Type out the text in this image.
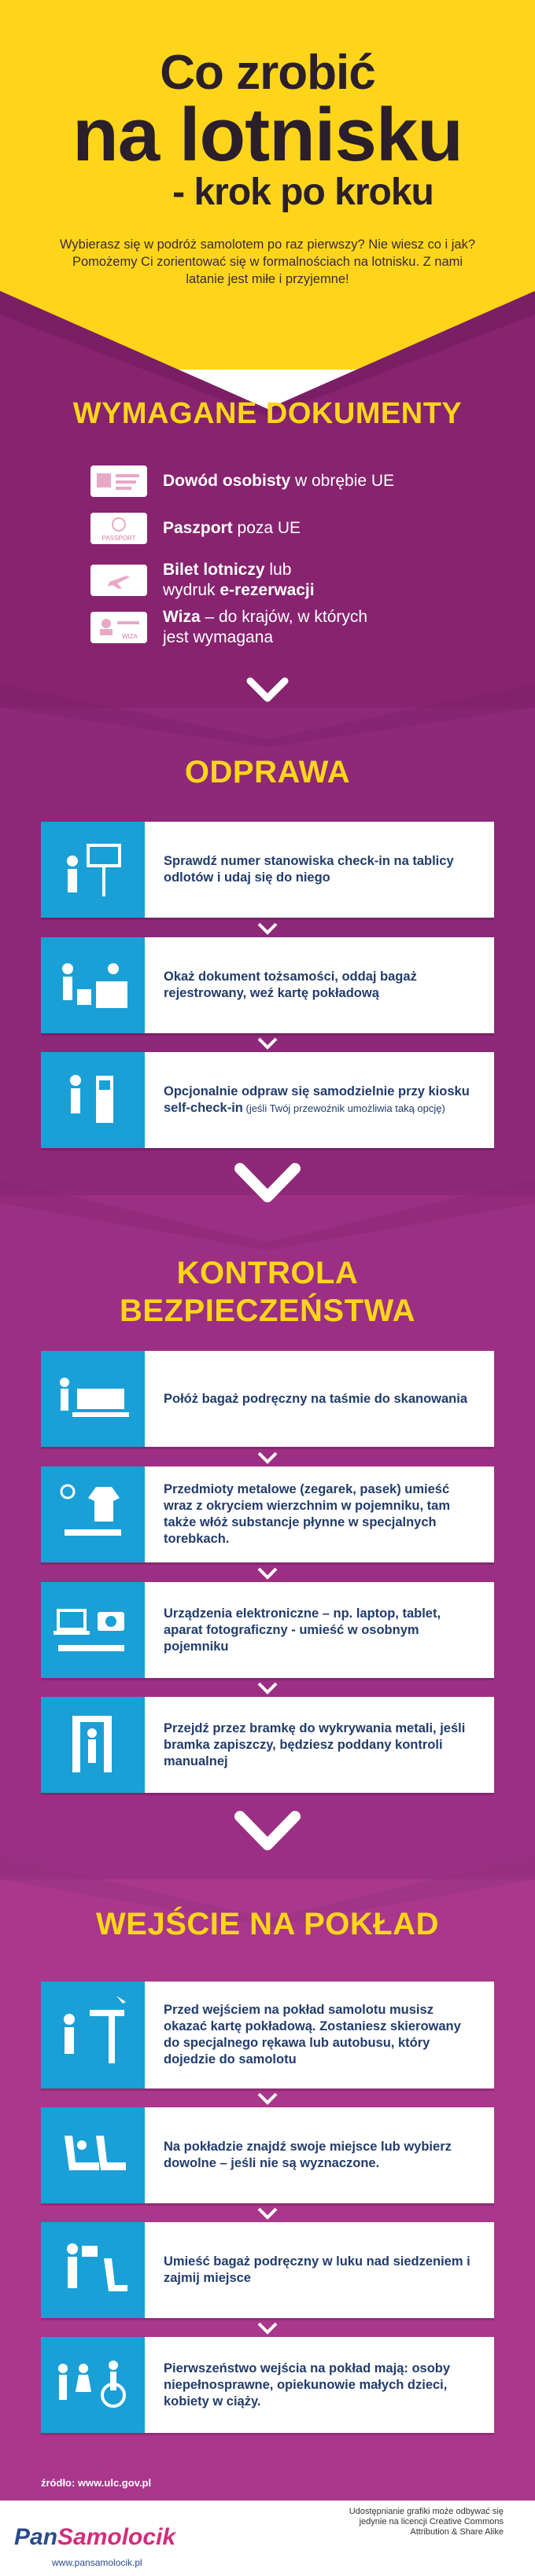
Co zrobić
na lotnisku
- krok po kroku
Wybierasz się w podróż samolotem po raz pierwszy? Nie wiesz co i jak? Pomożemy Ci zorientować się w formalnościach na lotnisku. Z nami latanie jest miłe i przyjemne!
WYMAGANE DOKUMENTY
Dowód osobisty w obrębie UE
PASSPORT
Paszport poza UE
Bilet lotniczy lub
wydruk e-rezerwacji
WIZA
Wiza – do krajów, w których
jest wymagana
ODPRAWA
Sprawdź numer stanowiska check-in na tablicy odlotów i udaj się do niego
Okaż dokument tożsamości, oddaj bagaż rejestrowany, weź kartę pokładową
Opcjonalnie odpraw się samodzielnie przy kiosku self-check-in (jeśli Twój przewoźnik umożliwia taką opcję)
KONTROLA
BEZPIECZEŃSTWA
Połóż bagaż podręczny na taśmie do skanowania
Przedmioty metalowe (zegarek, pasek) umieść wraz z okryciem wierzchnim w pojemniku, tam także włóż substancje płynne w specjalnych torebkach.
Urządzenia elektroniczne – np. laptop, tablet, aparat fotograficzny - umieść w osobnym pojemniku
Przejdź przez bramkę do wykrywania metali, jeśli bramka zapiszczy, będziesz poddany kontroli manualnej
WEJŚCIE NA POKŁAD
Przed wejściem na pokład samolotu musisz okazać kartę pokładową. Zostaniesz skierowany do specjalnego rękawa lub autobusu, który dojedzie do samolotu
Na pokładzie znajdź swoje miejsce lub wybierz dowolne – jeśli nie są wyznaczone.
Umieść bagaż podręczny w luku nad siedzeniem i zajmij miejsce
Pierwszeństwo wejścia na pokład mają: osoby niepełnosprawne, opiekunowie małych dzieci, kobiety w ciąży.
źródło: www.ulc.gov.pl
PanSamolocik
www.pansamolocik.pl
Udostępnianie grafiki może odbywać się jedynie na licencji Creative Commons Attribution & Share Alike
